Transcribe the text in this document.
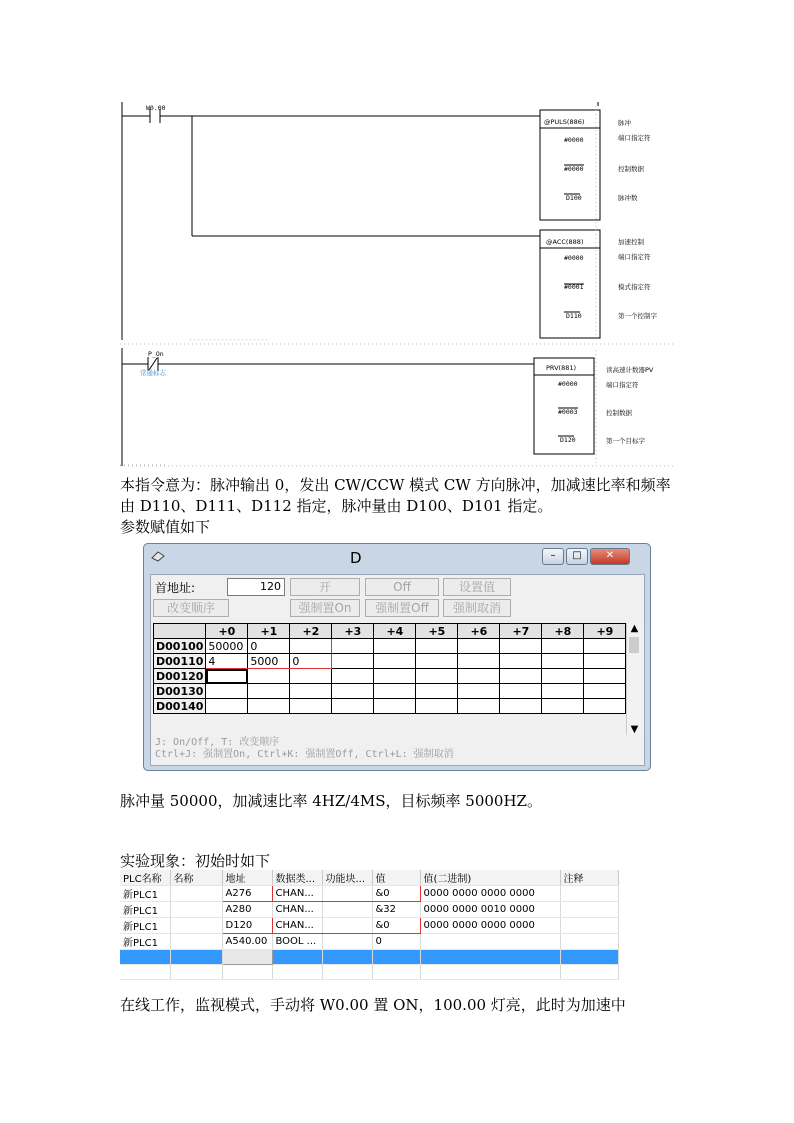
W0.00
@PULS(886)
#0000
#0000
D100
脉冲
端口指定符
控制数据
脉冲数
@ACC(888)
#0000
#0001
D110
加速控制
端口指定符
模式指定符
第一个控制字
P_On
常通标志
PRV(881)
#0000
#0003
D120
读高速计数器PV
端口指定符
控制数据
第一个目标字
本指令意为：脉冲输出 0，发出 CW/CCW 模式 CW 方向脉冲，加减速比率和频率
由 D110、D111、D112 指定，脉冲量由 D100、D101 指定。
参数赋值如下
D	–	□	✕
首地址:	120	开	Off	设置值
改变顺序	强制置On	强制置Off	强制取消
	+0	+1	+2	+3	+4	+5	+6	+7	+8	+9
D00100	50000	0								
D00110	4	5000	0							
D00120										
D00130										
D00140										
▲
▼
J: On/Off, T: 改变顺序
Ctrl+J: 强制置On, Ctrl+K: 强制置Off, Ctrl+L: 强制取消
脉冲量 50000，加减速比率 4HZ/4MS，目标频率 5000HZ。
实验现象：初始时如下
PLC名称	名称	地址	数据类...	功能块...	值	值(二进制)	注释
新PLC1		A276	CHAN...		&0	0000 0000 0000 0000	
新PLC1		A280	CHAN...		&32	0000 0000 0010 0000	
新PLC1		D120	CHAN...		&0	0000 0000 0000 0000	
新PLC1		A540.00	BOOL ...		0		

在线工作，监视模式，手动将 W0.00 置 ON，100.00 灯亮，此时为加速中
